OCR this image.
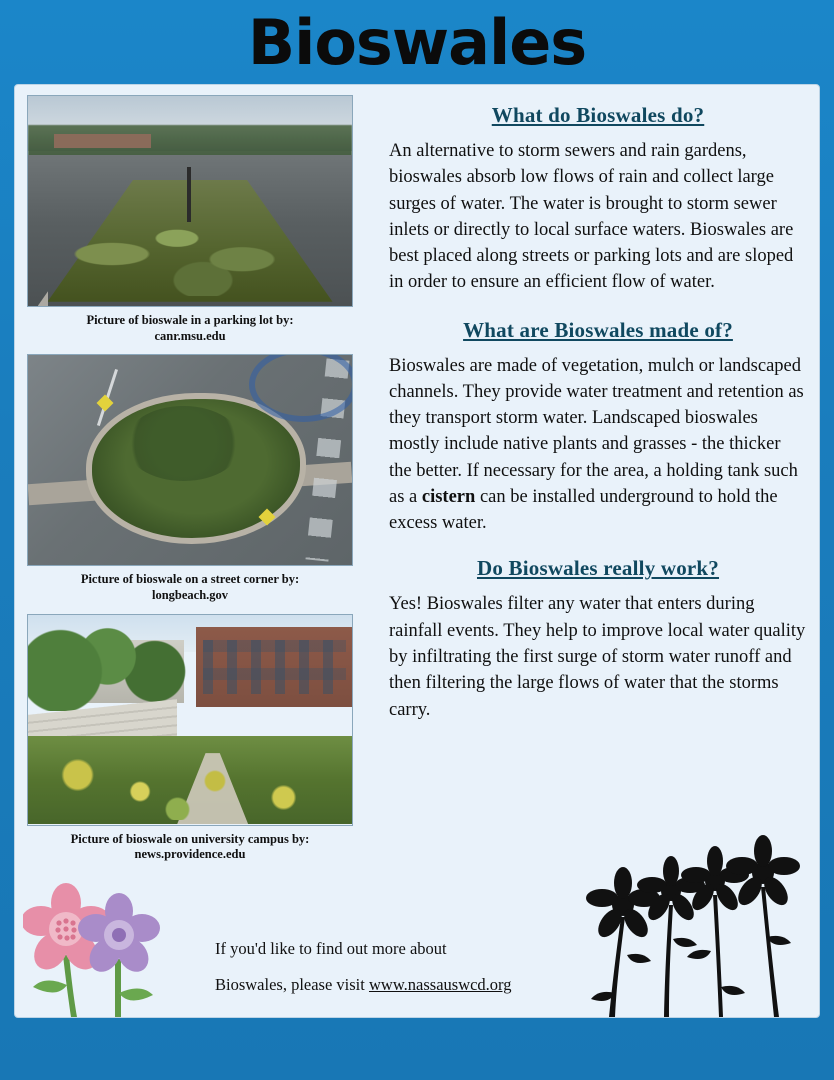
Bioswales
Picture of bioswale in a parking lot by:
canr.msu.edu
Picture of bioswale on a street corner by:
longbeach.gov
Picture of bioswale on university campus by:
news.providence.edu
What do Bioswales do?

An alternative to storm sewers and rain gardens, bioswales absorb low flows of rain and collect large surges of water. The water is brought to storm sewer inlets or directly to local surface waters. Bioswales are best placed along streets or parking lots and are sloped in order to ensure an efficient flow of water.

What are Bioswales made of?

Bioswales are made of vegetation, mulch or landscaped channels. They provide water treatment and retention as they transport storm water. Landscaped bioswales mostly include native plants and grasses - the thicker the better. If necessary for the area, a holding tank such as a cistern can be installed underground to hold the excess water.

Do Bioswales really work?

Yes! Bioswales filter any water that enters during rainfall events. They help to improve local water quality by infiltrating the first surge of storm water runoff and then filtering the large flows of water that the storms carry.

If you'd like to find out more about

Bioswales, please visit www.nassauswcd.org
